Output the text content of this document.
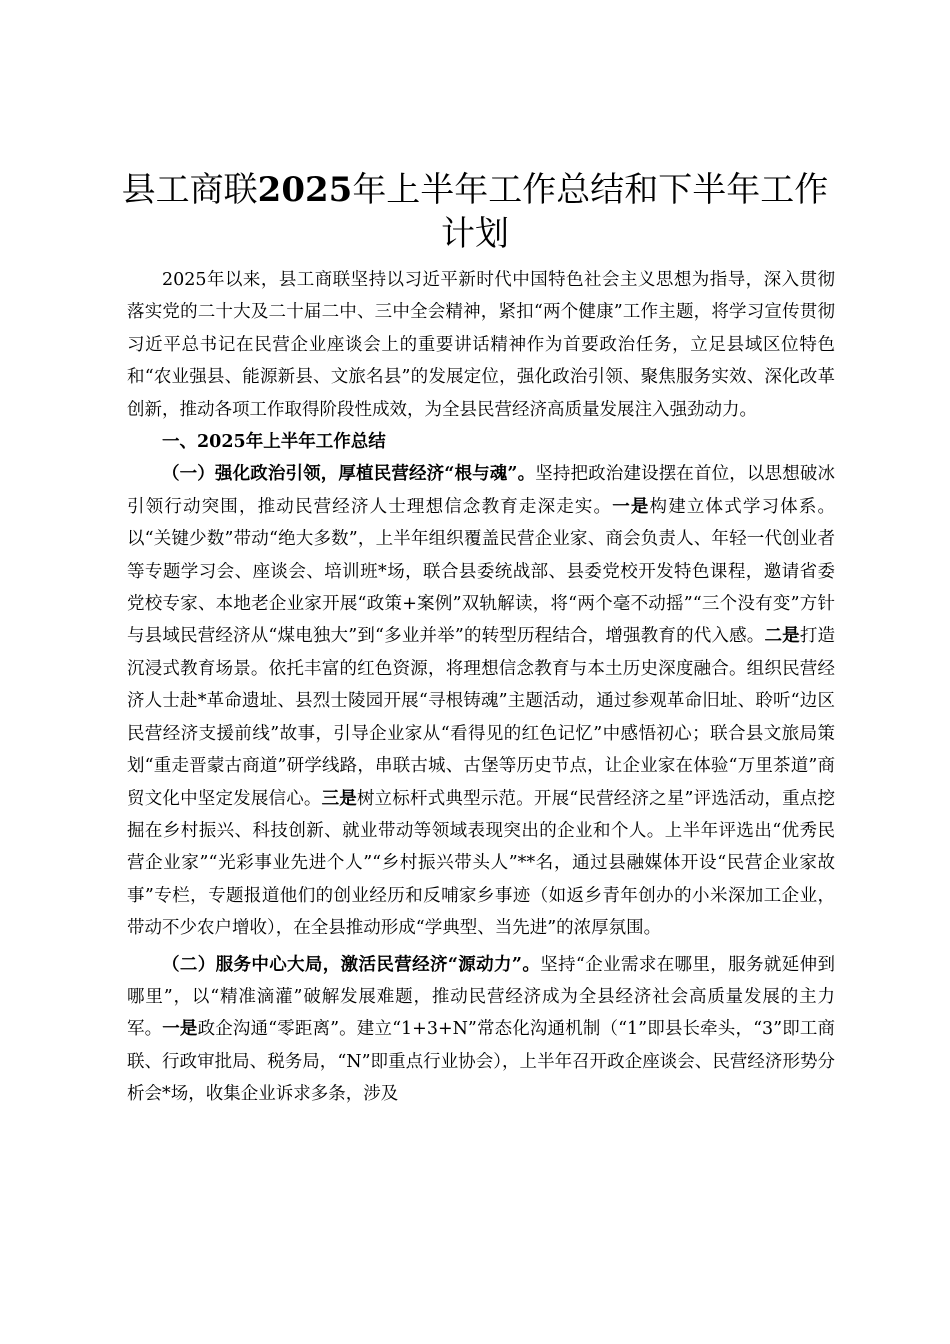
县工商联2025年上半年工作总结和下半年工作计划

2025年以来，县工商联坚持以习近平新时代中国特色社会主义思想为指导，深入贯彻落实党的二十大及二十届二中、三中全会精神，紧扣“两个健康”工作主题，将学习宣传贯彻习近平总书记在民营企业座谈会上的重要讲话精神作为首要政治任务，立足县域区位特色和“农业强县、能源新县、文旅名县”的发展定位，强化政治引领、聚焦服务实效、深化改革创新，推动各项工作取得阶段性成效，为全县民营经济高质量发展注入强劲动力。

一、2025年上半年工作总结

（一）强化政治引领，厚植民营经济“根与魂”。坚持把政治建设摆在首位，以思想破冰引领行动突围，推动民营经济人士理想信念教育走深走实。一是构建立体式学习体系。以“关键少数”带动“绝大多数”，上半年组织覆盖民营企业家、商会负责人、年轻一代创业者等专题学习会、座谈会、培训班*场，联合县委统战部、县委党校开发特色课程，邀请省委党校专家、本地老企业家开展“政策+案例”双轨解读，将“两个毫不动摇”“三个没有变”方针与县域民营经济从“煤电独大”到“多业并举”的转型历程结合，增强教育的代入感。二是打造沉浸式教育场景。依托丰富的红色资源，将理想信念教育与本土历史深度融合。组织民营经济人士赴*革命遗址、县烈士陵园开展“寻根铸魂”主题活动，通过参观革命旧址、聆听“边区民营经济支援前线”故事，引导企业家从“看得见的红色记忆”中感悟初心；联合县文旅局策划“重走晋蒙古商道”研学线路，串联古城、古堡等历史节点，让企业家在体验“万里茶道”商贸文化中坚定发展信心。三是树立标杆式典型示范。开展“民营经济之星”评选活动，重点挖掘在乡村振兴、科技创新、就业带动等领域表现突出的企业和个人。上半年评选出“优秀民营企业家”“光彩事业先进个人”“乡村振兴带头人”**名，通过县融媒体开设“民营企业家故事”专栏，专题报道他们的创业经历和反哺家乡事迹（如返乡青年创办的小米深加工企业，带动不少农户增收），在全县推动形成“学典型、当先进”的浓厚氛围。

（二）服务中心大局，激活民营经济“源动力”。坚持“企业需求在哪里，服务就延伸到哪里”，以“精准滴灌”破解发展难题，推动民营经济成为全县经济社会高质量发展的主力军。一是政企沟通“零距离”。建立“1+3+N”常态化沟通机制（“1”即县长牵头，“3”即工商联、行政审批局、税务局，“N”即重点行业协会），上半年召开政企座谈会、民营经济形势分析会*场，收集企业诉求多条，涉及
